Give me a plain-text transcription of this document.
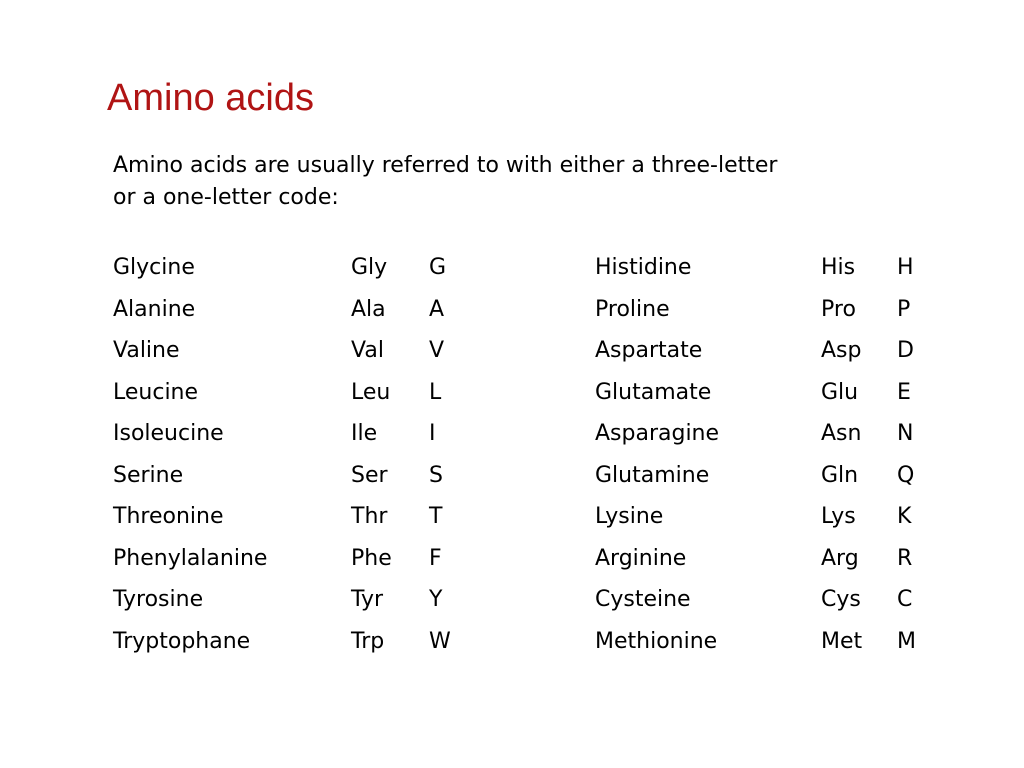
Amino acids
Amino acids are usually referred to with either a three-letter
or a one-letter code:
Glycine	Gly G	Histidine	His H
Alanine	Ala A	Proline	Pro P
Valine	Val V	Aspartate	Asp D
Leucine	Leu L	Glutamate	Glu E
Isoleucine	Ile I	Asparagine	Asn N
Serine	Ser S	Glutamine	Gln Q
Threonine	Thr T	Lysine	Lys K
Phenylalanine	Phe F	Arginine	Arg R
Tyrosine	Tyr Y	Cysteine	Cys C
Tryptophane	Trp W	Methionine	Met M
